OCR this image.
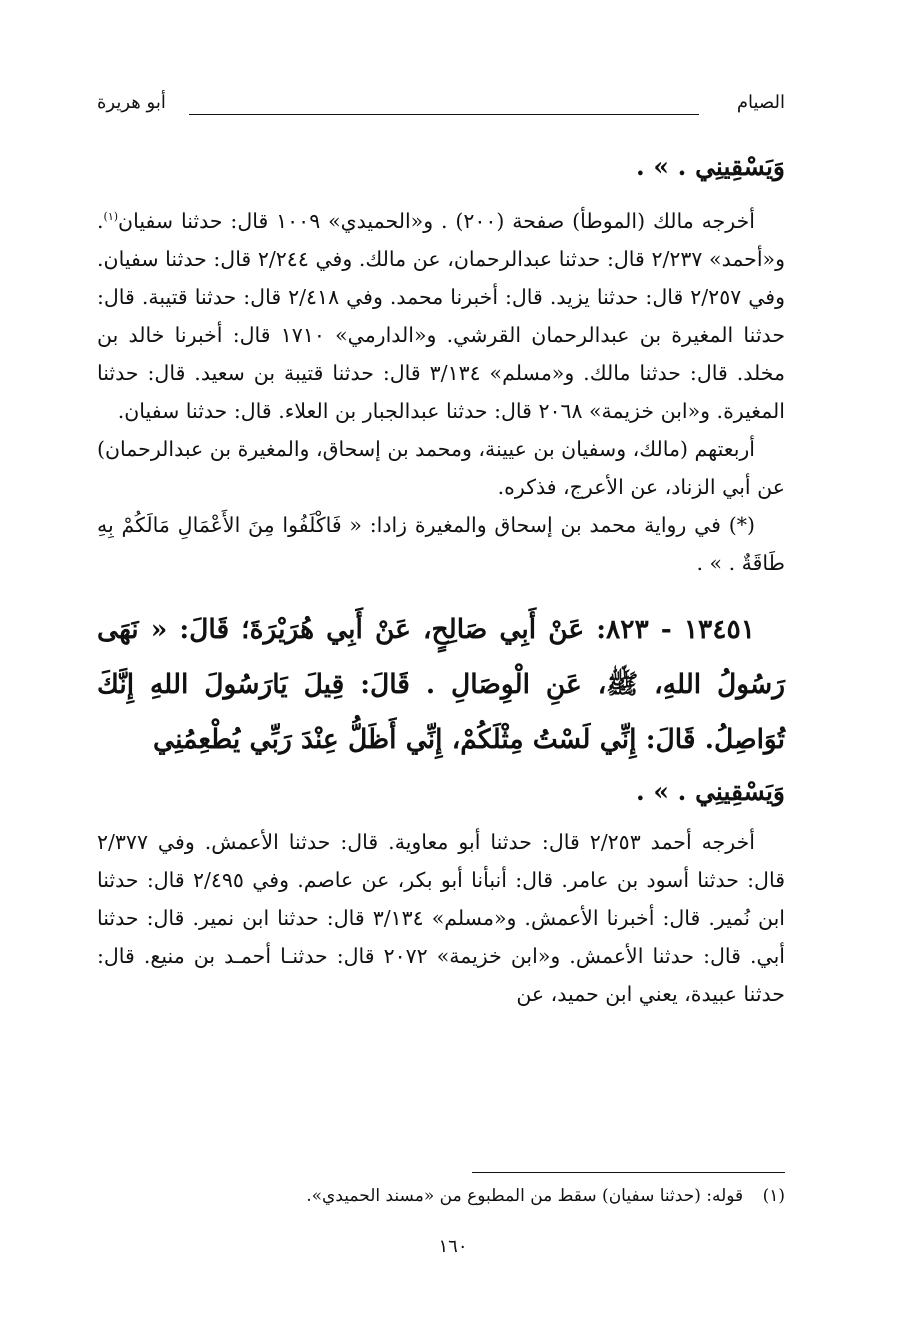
الصيام
أبو هريرة

وَيَسْقِينِي . » .

أخرجه مالك (الموطأ) صفحة (٢٠٠) . و«الحميدي» ١٠٠٩ قال: حدثنا سفيان$^{(١)}$. و«أحمد» ٢/٢٣٧ قال: حدثنا عبدالرحمان، عن مالك. وفي ٢/٢٤٤ قال: حدثنا سفيان. وفي ٢/٢٥٧ قال: حدثنا يزيد. قال: أخبرنا محمد. وفي ٢/٤١٨ قال: حدثنا قتيبة. قال: حدثنا المغيرة بن عبدالرحمان القرشي. و«الدارمي» ١٧١٠ قال: أخبرنا خالد بن مخلد. قال: حدثنا مالك. و«مسلم» ٣/١٣٤ قال: حدثنا قتيبة بن سعيد. قال: حدثنا المغيرة. و«ابن خزيمة» ٢٠٦٨ قال: حدثنا عبدالجبار بن العلاء. قال: حدثنا سفيان.

أربعتهم (مالك، وسفيان بن عيينة، ومحمد بن إسحاق، والمغيرة بن عبدالرحمان) عن أبي الزناد، عن الأعرج، فذكره.

(*) في رواية محمد بن إسحاق والمغيرة زادا: « فَاكْلَفُوا مِنَ الأَعْمَالِ مَالَكُمْ بِهِ طَاقَةٌ . » .

١٣٤٥١ - ٨٢٣: عَنْ أَبِي صَالِحٍ، عَنْ أَبِي هُرَيْرَةَ؛ قَالَ: « نَهَى رَسُولُ اللهِ، ﷺ، عَنِ الْوِصَالِ . قَالَ: قِيلَ يَارَسُولَ اللهِ إِنَّكَ تُوَاصِلُ. قَالَ: إِنِّي لَسْتُ مِثْلَكُمْ، إِنِّي أَظَلُّ عِنْدَ رَبِّي يُطْعِمُنِي

وَيَسْقِينِي . » .

أخرجه أحمد ٢/٢٥٣ قال: حدثنا أبو معاوية. قال: حدثنا الأعمش. وفي ٢/٣٧٧ قال: حدثنا أسود بن عامر. قال: أنبأنا أبو بكر، عن عاصم. وفي ٢/٤٩٥ قال: حدثنا ابن نُمير. قال: أخبرنا الأعمش. و«مسلم» ٣/١٣٤ قال: حدثنا ابن نمير. قال: حدثنا أبي. قال: حدثنا الأعمش. و«ابن خزيمة» ٢٠٧٢ قال: حدثنـا أحمـد بن منيع. قال: حدثنا عبيدة، يعني ابن حميد، عن

(١) قوله: (حدثنا سفيان) سقط من المطبوع من «مسند الحميدي».
١٦٠
